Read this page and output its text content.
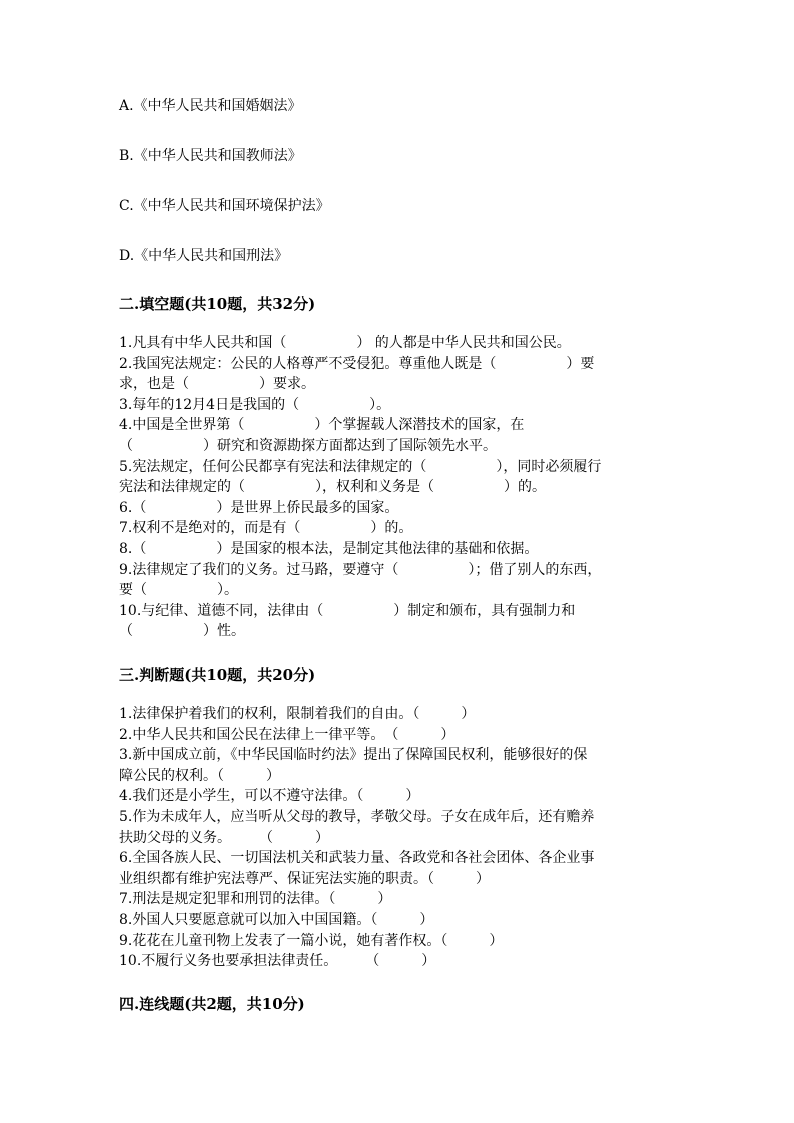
A.《中华人民共和国婚姻法》
B.《中华人民共和国教师法》
C.《中华人民共和国环境保护法》
D.《中华人民共和国刑法》
二.填空题(共10题，共32分)

1.凡具有中华人民共和国（　　　　　） 的人都是中华人民共和国公民。

2.我国宪法规定：公民的人格尊严不受侵犯。尊重他人既是（　　　　　）要

求，也是（　　　　　）要求。

3.每年的12月4日是我国的（　　　　　）。

4.中国是全世界第（　　　　　）个掌握载人深潜技术的国家，在

（　　　　　）研究和资源勘探方面都达到了国际领先水平。

5.宪法规定，任何公民都享有宪法和法律规定的（　　　　　），同时必须履行

宪法和法律规定的（　　　　　），权利和义务是（　　　　　）的。

6.（　　　　　）是世界上侨民最多的国家。

7.权利不是绝对的，而是有（　　　　　）的。

8.（　　　　　）是国家的根本法，是制定其他法律的基础和依据。

9.法律规定了我们的义务。过马路，要遵守（　　　　　）；借了别人的东西，

要（　　　　　）。

10.与纪律、道德不同，法律由（　　　　　）制定和颁布，具有强制力和

（　　　　　）性。

三.判断题(共10题，共20分)

1.法律保护着我们的权利，限制着我们的自由。（　　　）

2.中华人民共和国公民在法律上一律平等。　（　　　）

3.新中国成立前，《中华民国临时约法》提出了保障国民权利，能够很好的保

障公民的权利。（　　　）

4.我们还是小学生，可以不遵守法律。（　　　）

5.作为未成年人，应当听从父母的教导，孝敬父母。子女在成年后，还有赡养

扶助父母的义务。　　　（　　　）

6.全国各族人民、一切国法机关和武装力量、各政党和各社会团体、各企业事

业组织都有维护宪法尊严、保证宪法实施的职责。（　　　）

7.刑法是规定犯罪和刑罚的法律。（　　　）

8.外国人只要愿意就可以加入中国国籍。（　　　）

9.花花在儿童刊物上发表了一篇小说，她有著作权。（　　　）

10.不履行义务也要承担法律责任。　　　（　　　）

四.连线题(共2题，共10分)
